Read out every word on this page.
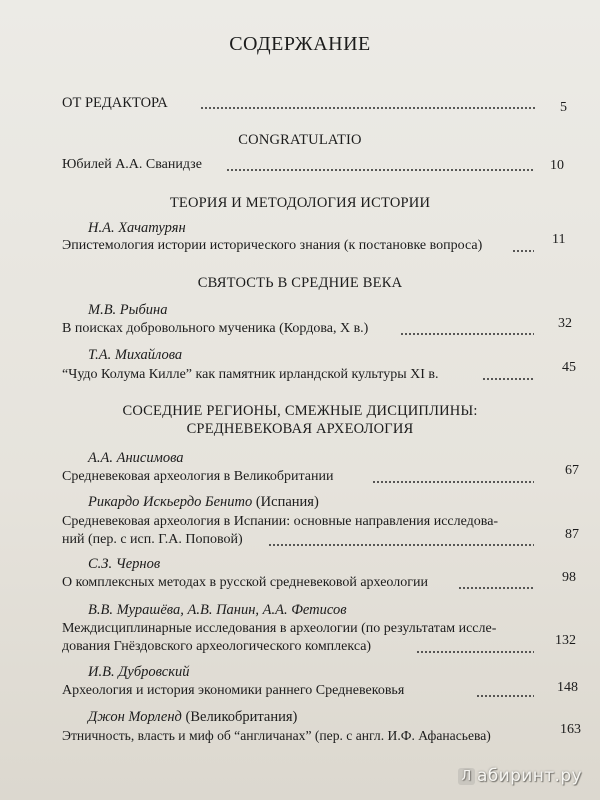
СОДЕРЖАНИЕ
ОТ РЕДАКТОРА	5
CONGRATULATIO
Юбилей А.А. Сванидзе	10
ТЕОРИЯ И МЕТОДОЛОГИЯ ИСТОРИИ
Н.А. Хачатурян
Эпистемология истории исторического знания (к постановке вопроса)	11
СВЯТОСТЬ В СРЕДНИЕ ВЕКА
М.В. Рыбина
В поисках добровольного мученика (Кордова, Х в.)	32
Т.А. Михайлова
“Чудо Колума Килле” как памятник ирландской культуры XI в.	45
СОСЕДНИЕ РЕГИОНЫ, СМЕЖНЫЕ ДИСЦИПЛИНЫ:
СРЕДНЕВЕКОВАЯ АРХЕОЛОГИЯ
А.А. Анисимова
Средневековая археология в Великобритании	67
Рикардо Искьердо Бенито (Испания)
Средневековая археология в Испании: основные направления исследова-
ний (пер. с исп. Г.А. Поповой)	87
С.З. Чернов
О комплексных методах в русской средневековой археологии	98
В.В. Мурашёва, А.В. Панин, А.А. Фетисов
Междисциплинарные исследования в археологии (по результатам иссле-
дования Гнёздовского археологического комплекса)	132
И.В. Дубровский
Археология и история экономики раннего Средневековья	148
Джон Морленд (Великобритания)
Этничность, власть и миф об “англичанах” (пер. с англ. И.Ф. Афанасьева)	163
Л абиринт.ру
